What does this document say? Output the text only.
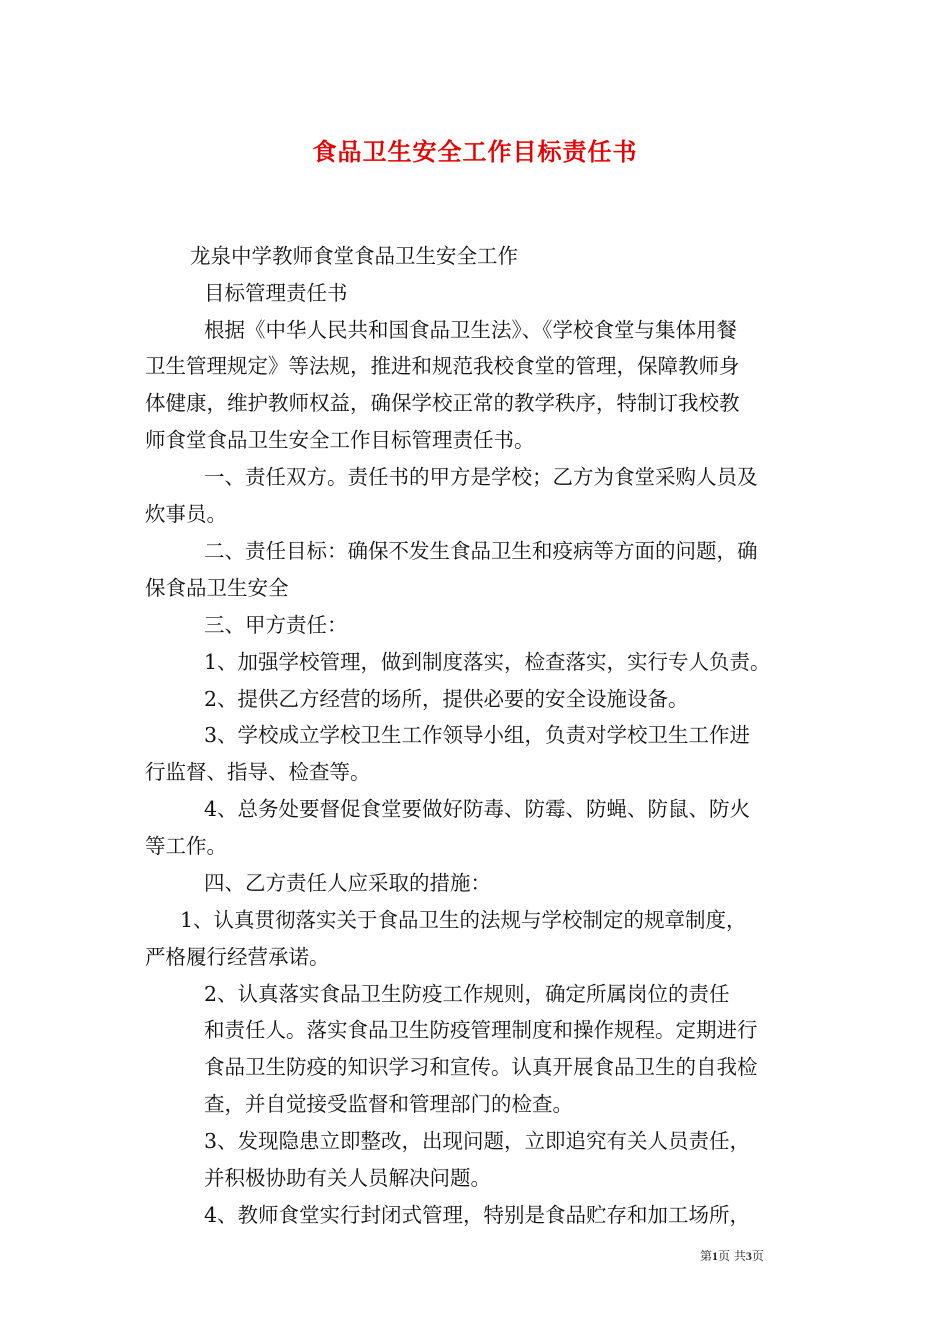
食品卫生安全工作目标责任书
龙泉中学教师食堂食品卫生安全工作
目标管理责任书
根据《中华人民共和国食品卫生法》、《学校食堂与集体用餐
卫生管理规定》等法规，推进和规范我校食堂的管理，保障教师身
体健康，维护教师权益，确保学校正常的教学秩序，特制订我校教
师食堂食品卫生安全工作目标管理责任书。
一、责任双方。责任书的甲方是学校；乙方为食堂采购人员及
炊事员。
二、责任目标：确保不发生食品卫生和疫病等方面的问题，确
保食品卫生安全
三、甲方责任：
1、加强学校管理，做到制度落实，检查落实，实行专人负责。
2、提供乙方经营的场所，提供必要的安全设施设备。
3、学校成立学校卫生工作领导小组，负责对学校卫生工作进
行监督、指导、检查等。
4、总务处要督促食堂要做好防毒、防霉、防蝇、防鼠、防火
等工作。
四、乙方责任人应采取的措施：
1、认真贯彻落实关于食品卫生的法规与学校制定的规章制度，
严格履行经营承诺。
2、认真落实食品卫生防疫工作规则，确定所属岗位的责任
和责任人。落实食品卫生防疫管理制度和操作规程。定期进行
食品卫生防疫的知识学习和宣传。认真开展食品卫生的自我检
查，并自觉接受监督和管理部门的检查。
3、发现隐患立即整改，出现问题，立即追究有关人员责任，
并积极协助有关人员解决问题。
4、教师食堂实行封闭式管理，特别是食品贮存和加工场所，
第1页 共3页
